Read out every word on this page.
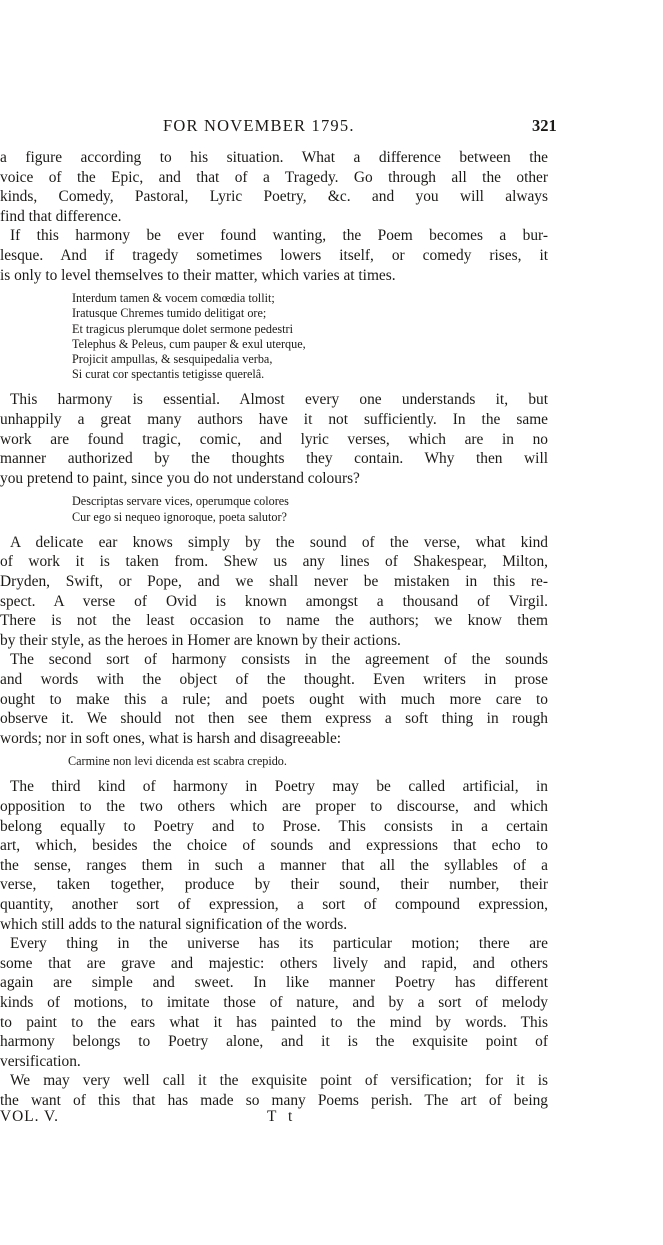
FOR NOVEMBER 1795.	321
a figure according to his situation. What a difference between the
voice of the Epic, and that of a Tragedy. Go through all the other
kinds, Comedy, Pastoral, Lyric Poetry, &c. and you will always
find that difference.
If this harmony be ever found wanting, the Poem becomes a bur-
lesque. And if tragedy sometimes lowers itself, or comedy rises, it
is only to level themselves to their matter, which varies at times.
Interdum tamen & vocem comœdia tollit;
Iratusque Chremes tumido delitigat ore;
Et tragicus plerumque dolet sermone pedestri
Telephus & Peleus, cum pauper & exul uterque,
Projicit ampullas, & sesquipedalia verba,
Si curat cor spectantis tetigisse querelâ.
This harmony is essential. Almost every one understands it, but
unhappily a great many authors have it not sufficiently. In the same
work are found tragic, comic, and lyric verses, which are in no
manner authorized by the thoughts they contain. Why then will
you pretend to paint, since you do not understand colours?
Descriptas servare vices, operumque colores
Cur ego si nequeo ignoroque, poeta salutor?
A delicate ear knows simply by the sound of the verse, what kind
of work it is taken from. Shew us any lines of Shakespear, Milton,
Dryden, Swift, or Pope, and we shall never be mistaken in this re-
spect. A verse of Ovid is known amongst a thousand of Virgil.
There is not the least occasion to name the authors; we know them
by their style, as the heroes in Homer are known by their actions.
The second sort of harmony consists in the agreement of the sounds
and words with the object of the thought. Even writers in prose
ought to make this a rule; and poets ought with much more care to
observe it. We should not then see them express a soft thing in rough
words; nor in soft ones, what is harsh and disagreeable:
Carmine non levi dicenda est scabra crepido.
The third kind of harmony in Poetry may be called artificial, in
opposition to the two others which are proper to discourse, and which
belong equally to Poetry and to Prose. This consists in a certain
art, which, besides the choice of sounds and expressions that echo to
the sense, ranges them in such a manner that all the syllables of a
verse, taken together, produce by their sound, their number, their
quantity, another sort of expression, a sort of compound expression,
which still adds to the natural signification of the words.
Every thing in the universe has its particular motion; there are
some that are grave and majestic: others lively and rapid, and others
again are simple and sweet. In like manner Poetry has different
kinds of motions, to imitate those of nature, and by a sort of melody
to paint to the ears what it has painted to the mind by words. This
harmony belongs to Poetry alone, and it is the exquisite point of
versification.
We may very well call it the exquisite point of versification; for it is
the want of this that has made so many Poems perish. The art of being
VOL. V.	T t
